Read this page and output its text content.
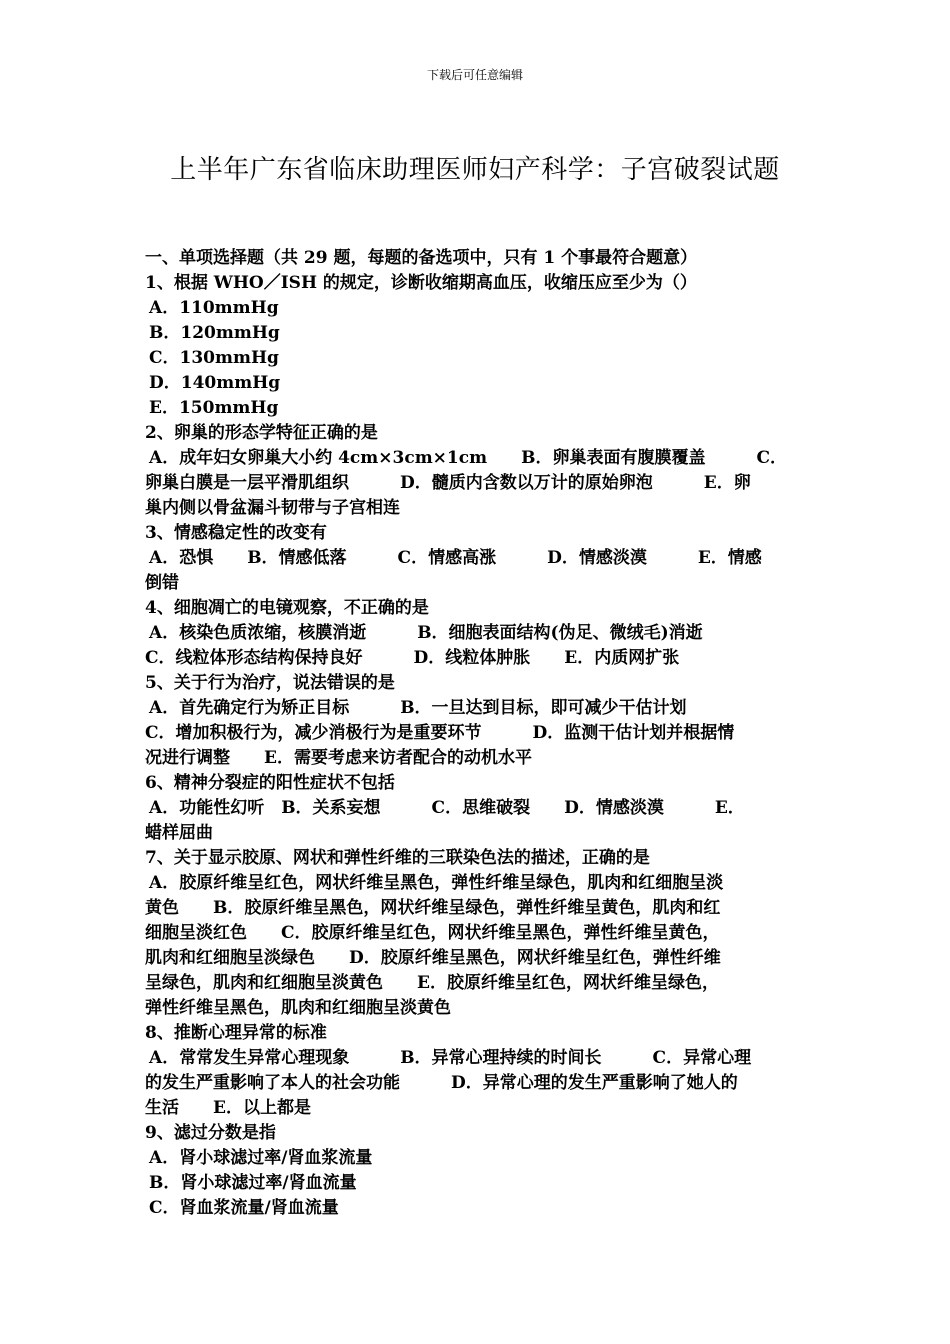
下载后可任意编辑
上半年广东省临床助理医师妇产科学：子宫破裂试题
一、单项选择题（共 29 题，每题的备选项中，只有 1 个事最符合题意）
1、根据 WHO／ISH 的规定，诊断收缩期高血压，收缩压应至少为（）
A．110mmHg
B．120mmHg
C．130mmHg
D．140mmHg
E．150mmHg
2、卵巢的形态学特征正确的是
A．成年妇女卵巢大小约 4cm×3cm×1cm　　B．卵巢表面有腹膜覆盖　　　C．
卵巢白膜是一层平滑肌组织　　　D．髓质内含数以万计的原始卵泡　　　E．卵
巢内侧以骨盆漏斗韧带与子宫相连
3、情感稳定性的改变有
A．恐惧　　B．情感低落　　　C．情感高涨　　　D．情感淡漠　　　E．情感
倒错
4、细胞凋亡的电镜观察，不正确的是
A．核染色质浓缩，核膜消逝　　　B．细胞表面结构(伪足、微绒毛)消逝
C．线粒体形态结构保持良好　　　D．线粒体肿胀　　E．内质网扩张
5、关于行为治疗，说法错误的是
A．首先确定行为矫正目标　　　B．一旦达到目标，即可减少干估计划
C．增加积极行为，减少消极行为是重要环节　　　D．监测干估计划并根据情
况进行调整　　E．需要考虑来访者配合的动机水平
6、精神分裂症的阳性症状不包括
A．功能性幻听　B．关系妄想　　　C．思维破裂　　D．情感淡漠　　　E．
蜡样屈曲
7、关于显示胶原、网状和弹性纤维的三联染色法的描述，正确的是
A．胶原纤维呈红色，网状纤维呈黑色，弹性纤维呈绿色，肌肉和红细胞呈淡
黄色　　B．胶原纤维呈黑色，网状纤维呈绿色，弹性纤维呈黄色，肌肉和红
细胞呈淡红色　　C．胶原纤维呈红色，网状纤维呈黑色，弹性纤维呈黄色，
肌肉和红细胞呈淡绿色　　D．胶原纤维呈黑色，网状纤维呈红色，弹性纤维
呈绿色，肌肉和红细胞呈淡黄色　　E．胶原纤维呈红色，网状纤维呈绿色，
弹性纤维呈黑色，肌肉和红细胞呈淡黄色
8、推断心理异常的标准
A．常常发生异常心理现象　　　B．异常心理持续的时间长　　　C．异常心理
的发生严重影响了本人的社会功能　　　D．异常心理的发生严重影响了她人的
生活　　E．以上都是
9、滤过分数是指
A．肾小球滤过率/肾血浆流量
B．肾小球滤过率/肾血流量
C．肾血浆流量/肾血流量
